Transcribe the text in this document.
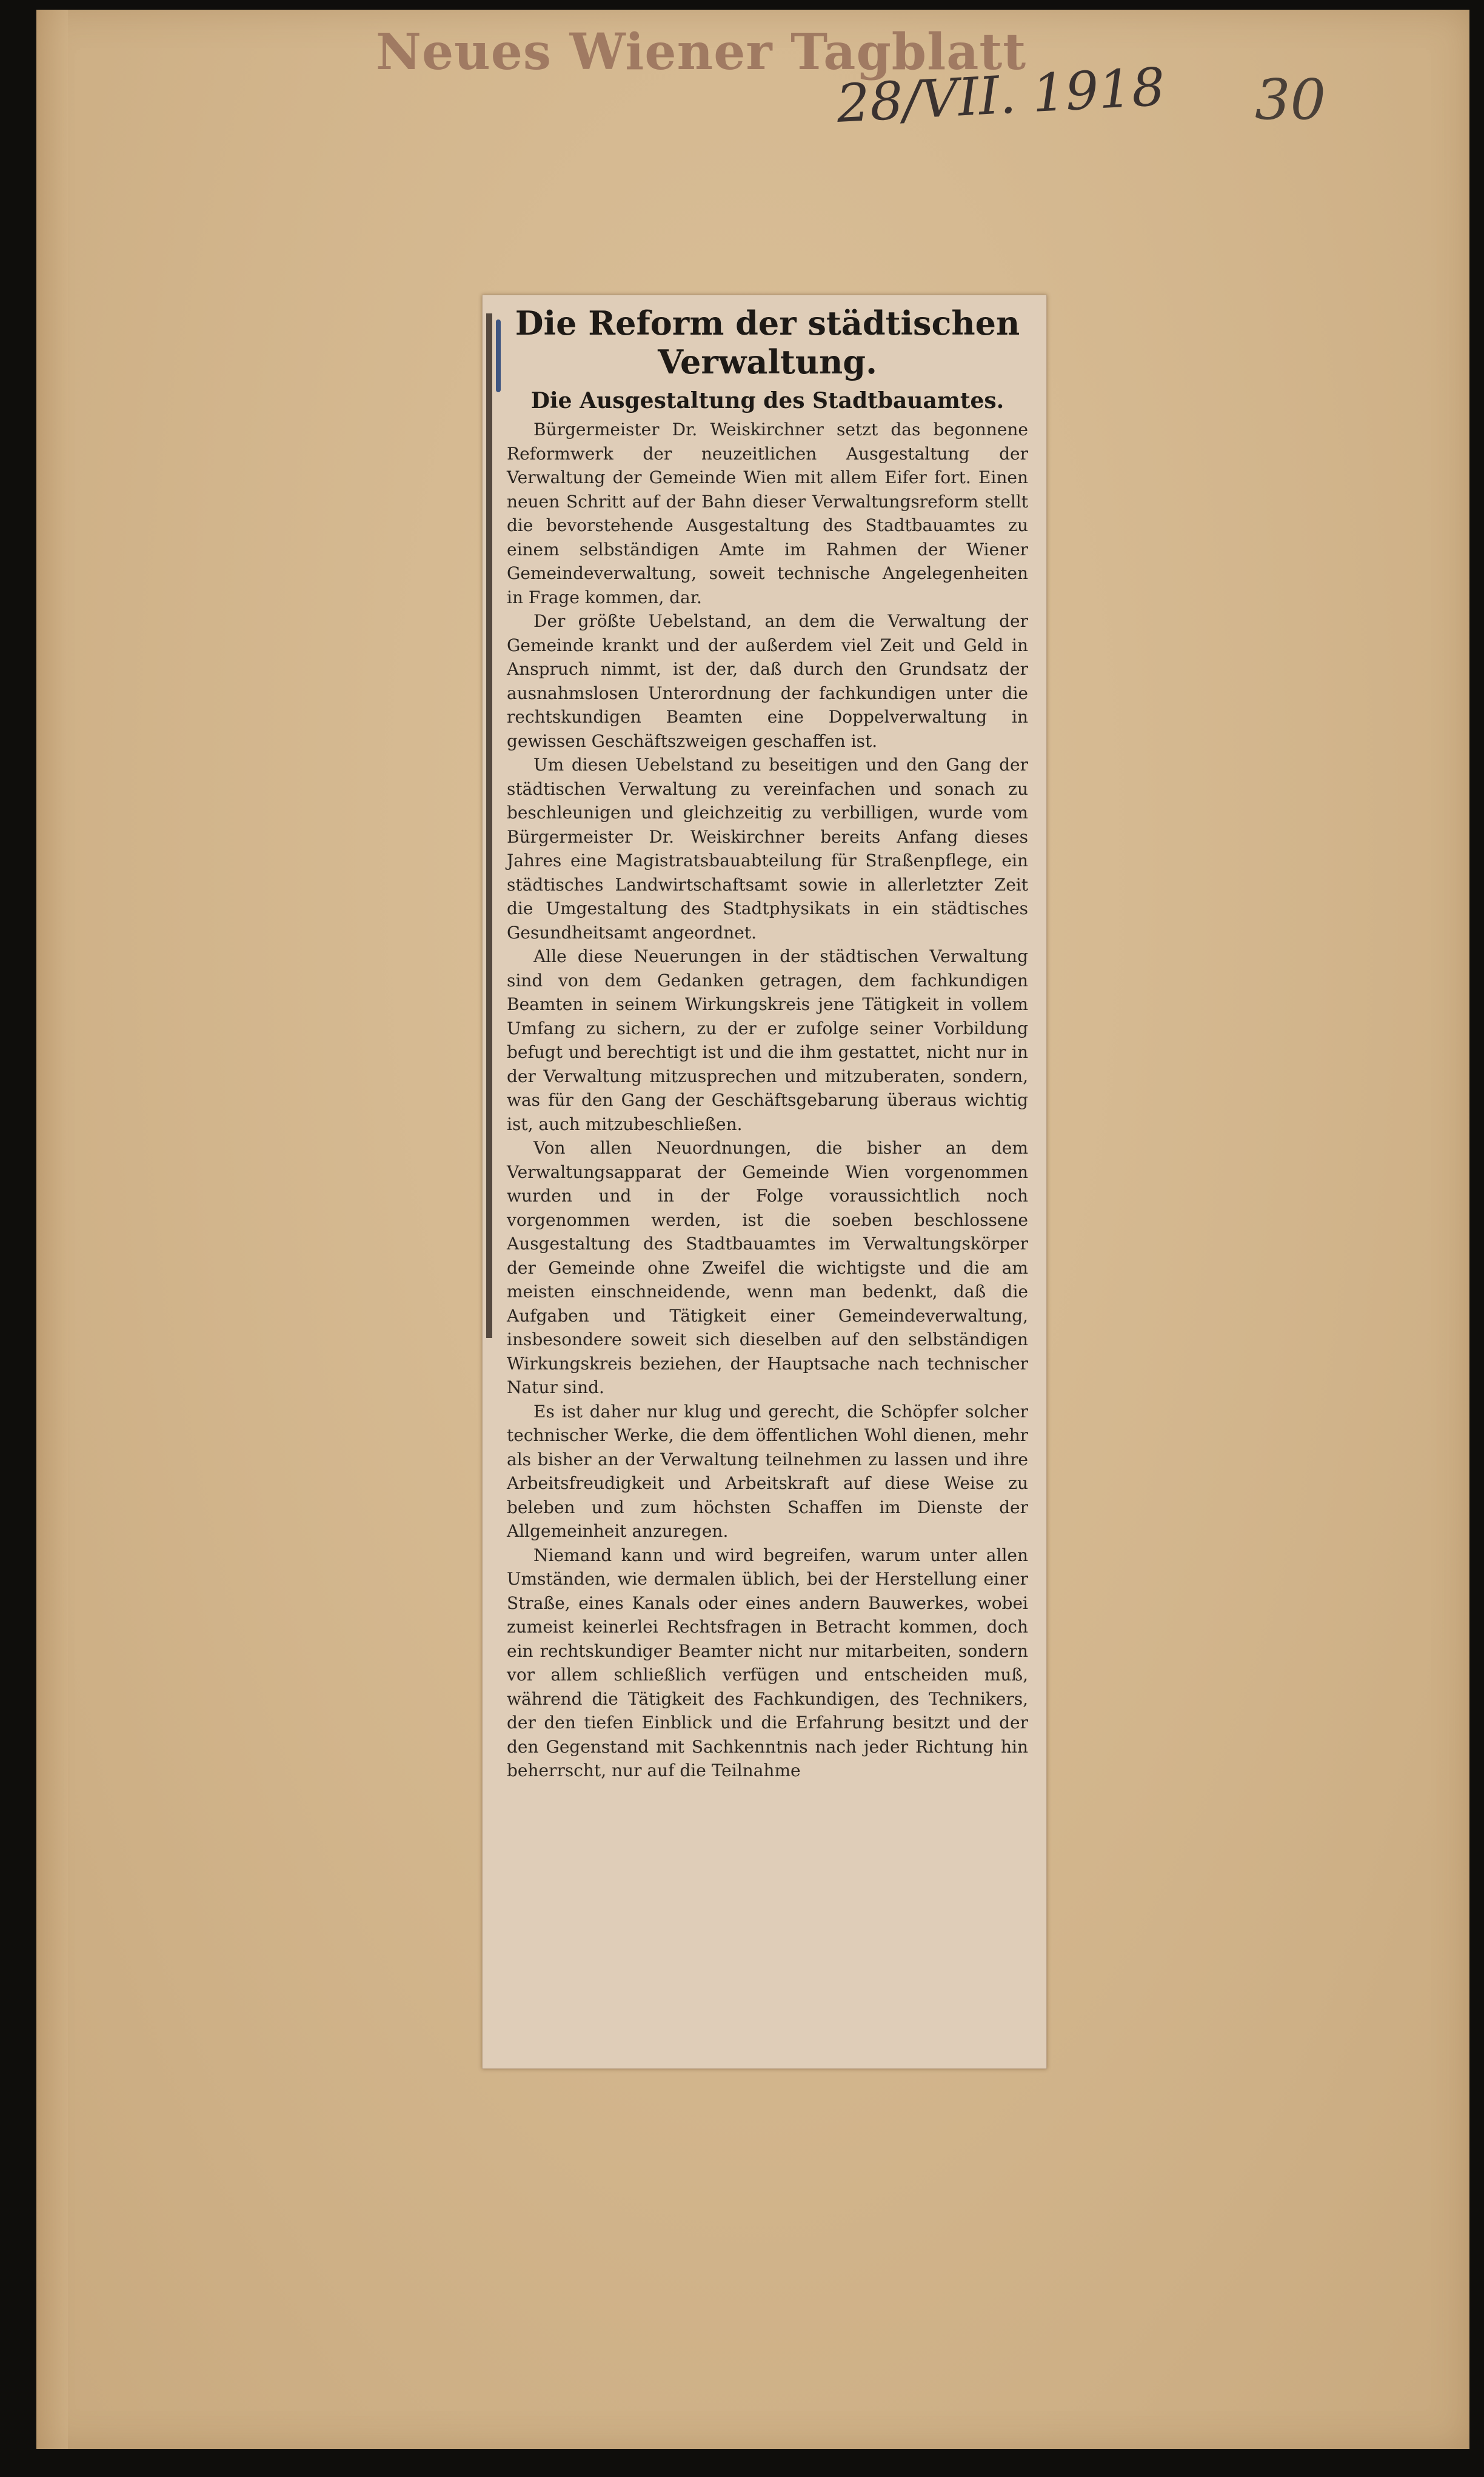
Neues Wiener Tagblatt
28/VII. 1918 30
Die Reform der städtischen Verwaltung.
Die Ausgestaltung des Stadtbauamtes.

Bürgermeister Dr. Weiskirchner setzt das begonnene Reformwerk der neuzeitlichen Ausgestaltung der Verwaltung der Gemeinde Wien mit allem Eifer fort. Einen neuen Schritt auf der Bahn dieser Verwaltungsreform stellt die bevorstehende Ausgestaltung des Stadtbauamtes zu einem selbständigen Amte im Rahmen der Wiener Gemeindeverwaltung, soweit technische Angelegenheiten in Frage kommen, dar.

Der größte Uebelstand, an dem die Verwaltung der Gemeinde krankt und der außerdem viel Zeit und Geld in Anspruch nimmt, ist der, daß durch den Grundsatz der ausnahmslosen Unterordnung der fachkundigen unter die rechtskundigen Beamten eine Doppelverwaltung in gewissen Geschäftszweigen geschaffen ist.

Um diesen Uebelstand zu beseitigen und den Gang der städtischen Verwaltung zu vereinfachen und sonach zu beschleunigen und gleichzeitig zu verbilligen, wurde vom Bürgermeister Dr. Weiskirchner bereits Anfang dieses Jahres eine Magistratsbauabteilung für Straßenpflege, ein städtisches Landwirtschaftsamt sowie in allerletzter Zeit die Umgestaltung des Stadtphysikats in ein städtisches Gesundheitsamt angeordnet.

Alle diese Neuerungen in der städtischen Verwaltung sind von dem Gedanken getragen, dem fachkundigen Beamten in seinem Wirkungskreis jene Tätigkeit in vollem Umfang zu sichern, zu der er zufolge seiner Vorbildung befugt und berechtigt ist und die ihm gestattet, nicht nur in der Verwaltung mitzusprechen und mitzuberaten, sondern, was für den Gang der Geschäftsgebarung überaus wichtig ist, auch mitzubeschließen.

Von allen Neuordnungen, die bisher an dem Verwaltungsapparat der Gemeinde Wien vorgenommen wurden und in der Folge voraussichtlich noch vorgenommen werden, ist die soeben beschlossene Ausgestaltung des Stadtbauamtes im Verwaltungskörper der Gemeinde ohne Zweifel die wichtigste und die am meisten einschneidende, wenn man bedenkt, daß die Aufgaben und Tätigkeit einer Gemeindeverwaltung, insbesondere soweit sich dieselben auf den selbständigen Wirkungskreis beziehen, der Hauptsache nach technischer Natur sind.

Es ist daher nur klug und gerecht, die Schöpfer solcher technischer Werke, die dem öffentlichen Wohl dienen, mehr als bisher an der Verwaltung teilnehmen zu lassen und ihre Arbeitsfreudigkeit und Arbeitskraft auf diese Weise zu beleben und zum höchsten Schaffen im Dienste der Allgemeinheit anzuregen.

Niemand kann und wird begreifen, warum unter allen Umständen, wie dermalen üblich, bei der Herstellung einer Straße, eines Kanals oder eines andern Bauwerkes, wobei zumeist keinerlei Rechtsfragen in Betracht kommen, doch ein rechtskundiger Beamter nicht nur mitarbeiten, sondern vor allem schließlich verfügen und entscheiden muß, während die Tätigkeit des Fachkundigen, des Technikers, der den tiefen Einblick und die Erfahrung besitzt und der den Gegenstand mit Sachkenntnis nach jeder Richtung hin beherrscht, nur auf die Teilnahme
